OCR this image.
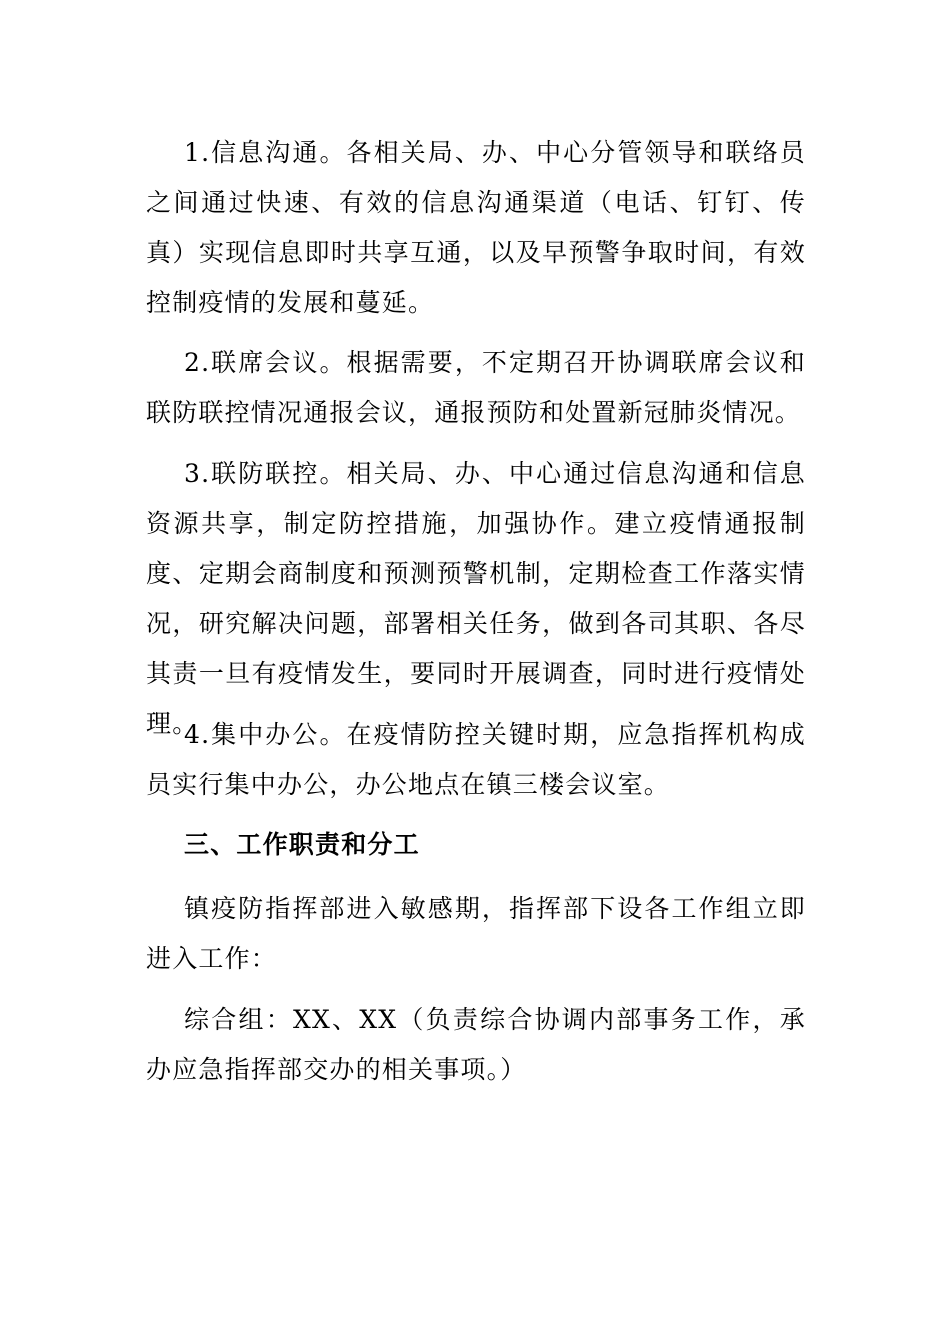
1.信息沟通。各相关局、办、中心分管领导和联络员之间通过快速、有效的信息沟通渠道（电话、钉钉、传真）实现信息即时共享互通，以及早预警争取时间，有效控制疫情的发展和蔓延。

2.联席会议。根据需要，不定期召开协调联席会议和联防联控情况通报会议，通报预防和处置新冠肺炎情况。

3.联防联控。相关局、办、中心通过信息沟通和信息资源共享，制定防控措施，加强协作。建立疫情通报制度、定期会商制度和预测预警机制，定期检查工作落实情况，研究解决问题，部署相关任务，做到各司其职、各尽其责一旦有疫情发生，要同时开展调查，同时进行疫情处理。

4.集中办公。在疫情防控关键时期，应急指挥机构成员实行集中办公，办公地点在镇三楼会议室。

三、工作职责和分工

镇疫防指挥部进入敏感期，指挥部下设各工作组立即进入工作：

综合组：XX、XX（负责综合协调内部事务工作，承办应急指挥部交办的相关事项。）
